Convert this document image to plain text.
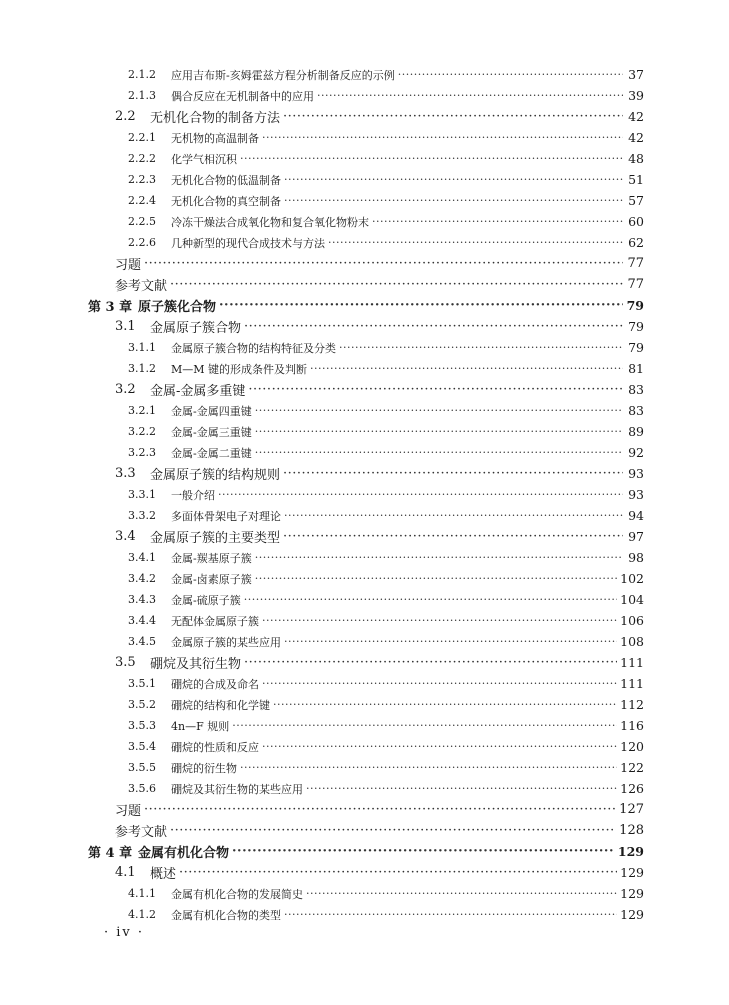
2.1.2	应用吉布斯-亥姆霍兹方程分析制备反应的示例 ·····	37
2.1.3	偶合反应在无机制备中的应用 ·····	39
2.2	无机化合物的制备方法 ·····	42
2.2.1	无机物的高温制备 ·····	42
2.2.2	化学气相沉积 ·····	48
2.2.3	无机化合物的低温制备 ·····	51
2.2.4	无机化合物的真空制备 ·····	57
2.2.5	冷冻干燥法合成氧化物和复合氧化物粉末 ·····	60
2.2.6	几种新型的现代合成技术与方法 ·····	62
习题 ·····	77
参考文献 ·····	77
第 3 章 原子簇化合物 ·····	79
3.1	金属原子簇合物 ·····	79
3.1.1	金属原子簇合物的结构特征及分类 ·····	79
3.1.2	M—M 键的形成条件及判断 ·····	81
3.2	金属-金属多重键 ·····	83
3.2.1	金属-金属四重键 ·····	83
3.2.2	金属-金属三重键 ·····	89
3.2.3	金属-金属二重键 ·····	92
3.3	金属原子簇的结构规则 ·····	93
3.3.1	一般介绍 ·····	93
3.3.2	多面体骨架电子对理论 ·····	94
3.4	金属原子簇的主要类型 ·····	97
3.4.1	金属-羰基原子簇 ·····	98
3.4.2	金属-卤素原子簇 ·····	102
3.4.3	金属-硫原子簇 ·····	104
3.4.4	无配体金属原子簇 ·····	106
3.4.5	金属原子簇的某些应用 ·····	108
3.5	硼烷及其衍生物 ·····	111
3.5.1	硼烷的合成及命名 ·····	111
3.5.2	硼烷的结构和化学键 ·····	112
3.5.3	4n—F 规则 ·····	116
3.5.4	硼烷的性质和反应 ·····	120
3.5.5	硼烷的衍生物 ·····	122
3.5.6	硼烷及其衍生物的某些应用 ·····	126
习题 ·····	127
参考文献 ·····	128
第 4 章 金属有机化合物 ·····	129
4.1	概述 ·····	129
4.1.1	金属有机化合物的发展简史 ·····	129
4.1.2	金属有机化合物的类型 ·····	129
· iv ·
